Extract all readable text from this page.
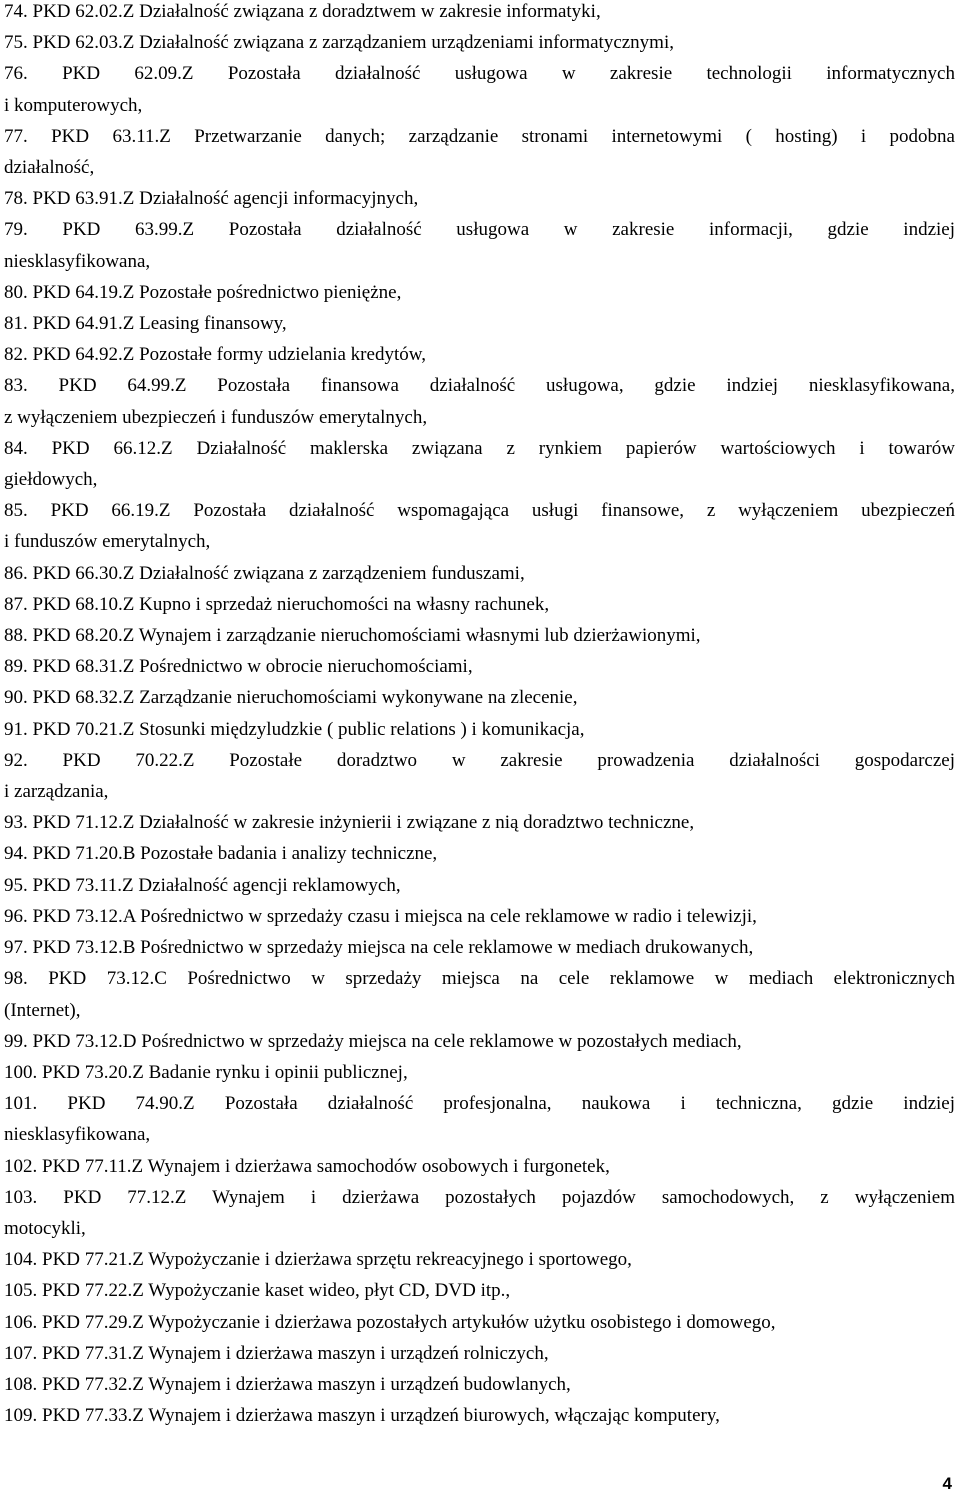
74. PKD 62.02.Z Działalność związana z doradztwem w zakresie informatyki,

75. PKD 62.03.Z Działalność związana z zarządzaniem urządzeniami informatycznymi,

76. PKD 62.09.Z Pozostała działalność usługowa w zakresie technologii informatycznych
i komputerowych,

77. PKD 63.11.Z Przetwarzanie danych; zarządzanie stronami internetowymi ( hosting) i podobna
działalność,

78. PKD 63.91.Z Działalność agencji informacyjnych,

79. PKD 63.99.Z Pozostała działalność usługowa w zakresie informacji, gdzie indziej
niesklasyfikowana,

80. PKD 64.19.Z Pozostałe pośrednictwo pieniężne,

81. PKD 64.91.Z Leasing finansowy,

82. PKD 64.92.Z Pozostałe formy udzielania kredytów,

83. PKD 64.99.Z Pozostała finansowa działalność usługowa, gdzie indziej niesklasyfikowana,
z wyłączeniem ubezpieczeń i funduszów emerytalnych,

84. PKD 66.12.Z Działalność maklerska związana z rynkiem papierów wartościowych i towarów
giełdowych,

85. PKD 66.19.Z Pozostała działalność wspomagająca usługi finansowe, z wyłączeniem ubezpieczeń
i funduszów emerytalnych,

86. PKD 66.30.Z Działalność związana z zarządzeniem funduszami,

87. PKD 68.10.Z Kupno i sprzedaż nieruchomości na własny rachunek,

88. PKD 68.20.Z Wynajem i zarządzanie nieruchomościami własnymi lub dzierżawionymi,

89. PKD 68.31.Z Pośrednictwo w obrocie nieruchomościami,

90. PKD 68.32.Z Zarządzanie nieruchomościami wykonywane na zlecenie,

91. PKD 70.21.Z Stosunki międzyludzkie ( public relations ) i komunikacja,

92. PKD 70.22.Z Pozostałe doradztwo w zakresie prowadzenia działalności gospodarczej
i zarządzania,

93. PKD 71.12.Z Działalność w zakresie inżynierii i związane z nią doradztwo techniczne,

94. PKD 71.20.B Pozostałe badania i analizy techniczne,

95. PKD 73.11.Z Działalność agencji reklamowych,

96. PKD 73.12.A Pośrednictwo w sprzedaży czasu i miejsca na cele reklamowe w radio i telewizji,

97. PKD 73.12.B Pośrednictwo w sprzedaży miejsca na cele reklamowe w mediach drukowanych,

98. PKD 73.12.C Pośrednictwo w sprzedaży miejsca na cele reklamowe w mediach elektronicznych
(Internet),

99. PKD 73.12.D Pośrednictwo w sprzedaży miejsca na cele reklamowe w pozostałych mediach,

100. PKD 73.20.Z Badanie rynku i opinii publicznej,

101. PKD 74.90.Z Pozostała działalność profesjonalna, naukowa i techniczna, gdzie indziej
niesklasyfikowana,

102. PKD 77.11.Z Wynajem i dzierżawa samochodów osobowych i furgonetek,

103. PKD 77.12.Z Wynajem i dzierżawa pozostałych pojazdów samochodowych, z wyłączeniem
motocykli,

104. PKD 77.21.Z Wypożyczanie i dzierżawa sprzętu rekreacyjnego i sportowego,

105. PKD 77.22.Z Wypożyczanie kaset wideo, płyt CD, DVD itp.,

106. PKD 77.29.Z Wypożyczanie i dzierżawa pozostałych artykułów użytku osobistego i domowego,

107. PKD 77.31.Z Wynajem i dzierżawa maszyn i urządzeń rolniczych,

108. PKD 77.32.Z Wynajem i dzierżawa maszyn i urządzeń budowlanych,

109. PKD 77.33.Z Wynajem i dzierżawa maszyn i urządzeń biurowych, włączając komputery,

4
